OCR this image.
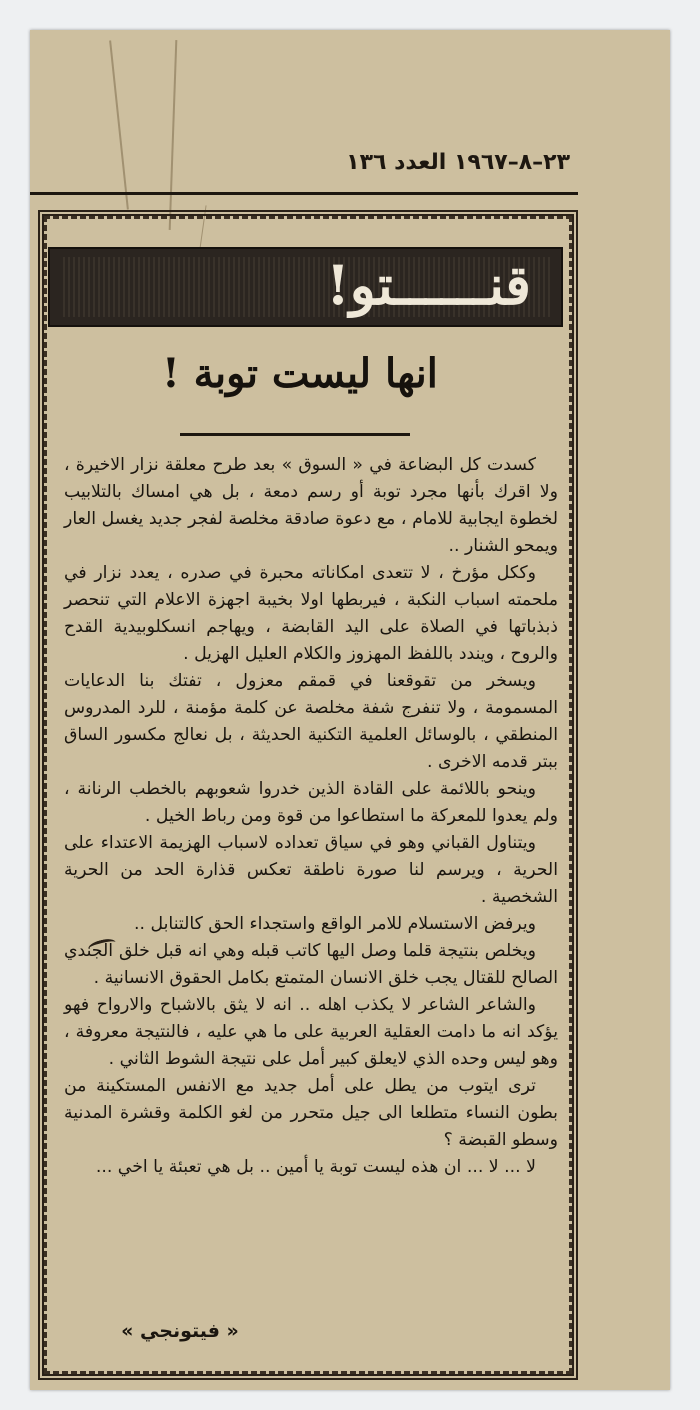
٢٣–٨–١٩٦٧ العدد ١٣٦
قنــــــتو!
انها ليست توبة !

كسدت كل البضاعة في « السوق » بعد طرح معلقة نزار الاخيرة ، ولا اقرك بأنها مجرد توبة أو رسم دمعة ، بل هي امساك بالتلابيب لخطوة ايجابية للامام ، مع دعوة صادقة مخلصة لفجر جديد يغسل العار ويمحو الشنار ..

وككل مؤرخ ، لا تتعدى امكاناته محبرة في صدره ، يعدد نزار في ملحمته اسباب النكبة ، فيربطها اولا بخيبة اجهزة الاعلام التي تنحصر ذبذباتها في الصلاة على اليد القابضة ، ويهاجم انسكلوبيدية القدح والروح ، ويندد باللفظ المهزوز والكلام العليل الهزيل .

ويسخر من تقوقعنا في قمقم معزول ، تفتك بنا الدعايات المسمومة ، ولا تنفرج شفة مخلصة عن كلمة مؤمنة ، للرد المدروس المنطقي ، بالوسائل العلمية التكنية الحديثة ، بل نعالج مكسور الساق ببتر قدمه الاخرى .

وينحو باللائمة على القادة الذين خدروا شعوبهم بالخطب الرنانة ، ولم يعدوا للمعركة ما استطاعوا من قوة ومن رباط الخيل .

ويتناول القباني وهو في سياق تعداده لاسباب الهزيمة الاعتداء على الحرية ، ويرسم لنا صورة ناطقة تعكس قذارة الحد من الحرية الشخصية .

ويرفض الاستسلام للامر الواقع واستجداء الحق كالتنابل ..

ويخلص بنتيجة قلما وصل اليها كاتب قبله وهي انه قبل خلق الجندي الصالح للقتال يجب خلق الانسان المتمتع بكامل الحقوق الانسانية .

والشاعر الشاعر لا يكذب اهله .. انه لا يثق بالاشباح والارواح فهو يؤكد انه ما دامت العقلية العربية على ما هي عليه ، فالنتيجة معروفة ، وهو ليس وحده الذي لايعلق كبير أمل على نتيجة الشوط الثاني .

ترى ايتوب من يطل على أمل جديد مع الانفس المستكينة من بطون النساء متطلعا الى جيل متحرر من لغو الكلمة وقشرة المدنية وسطو القبضة ؟

لا ... لا ... ان هذه ليست توبة يا أمين .. بل هي تعبئة يا اخي ...

« فيتونجي »
